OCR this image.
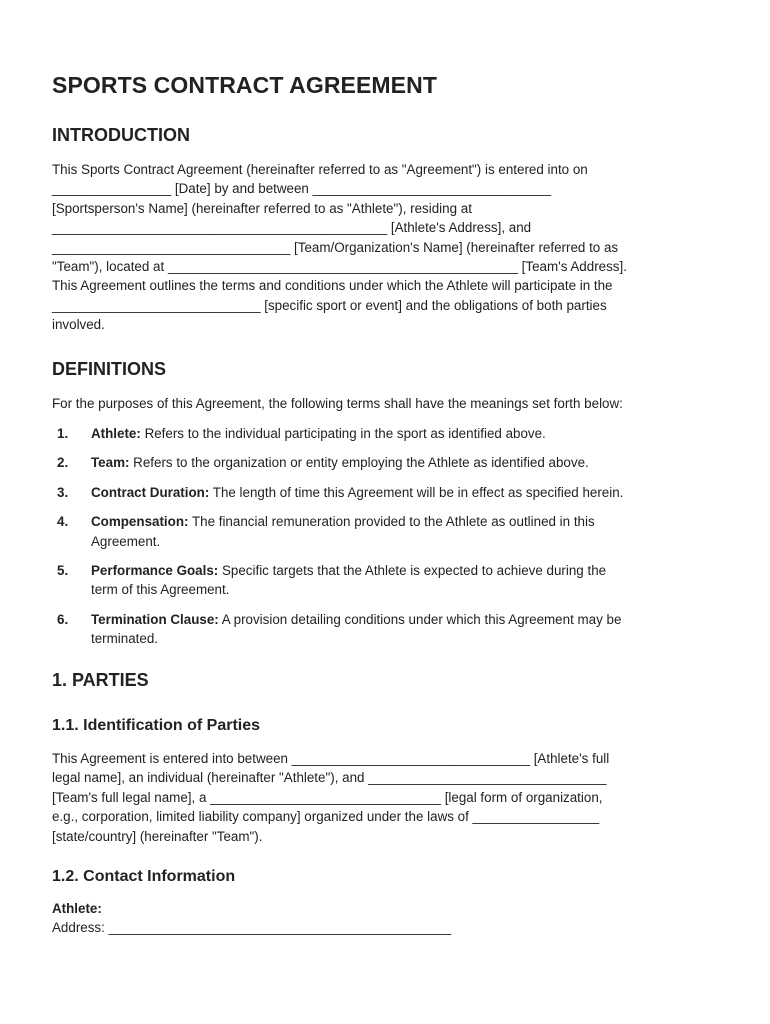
SPORTS CONTRACT AGREEMENT
INTRODUCTION
This Sports Contract Agreement (hereinafter referred to as "Agreement") is entered into on
________________ [Date] by and between ________________________________
[Sportsperson's Name] (hereinafter referred to as "Athlete"), residing at
_____________________________________________ [Athlete's Address], and
________________________________ [Team/Organization's Name] (hereinafter referred to as
"Team"), located at _______________________________________________ [Team's Address].
This Agreement outlines the terms and conditions under which the Athlete will participate in the
____________________________ [specific sport or event] and the obligations of both parties
involved.
DEFINITIONS
For the purposes of this Agreement, the following terms shall have the meanings set forth below:
1. Athlete: Refers to the individual participating in the sport as identified above.
2. Team: Refers to the organization or entity employing the Athlete as identified above.
3. Contract Duration: The length of time this Agreement will be in effect as specified herein.
4. Compensation: The financial remuneration provided to the Athlete as outlined in this
Agreement.
5. Performance Goals: Specific targets that the Athlete is expected to achieve during the
term of this Agreement.
6. Termination Clause: A provision detailing conditions under which this Agreement may be
terminated.
1. PARTIES
1.1. Identification of Parties
This Agreement is entered into between ________________________________ [Athlete's full
legal name], an individual (hereinafter "Athlete"), and ________________________________
[Team's full legal name], a _______________________________ [legal form of organization,
e.g., corporation, limited liability company] organized under the laws of _________________
[state/country] (hereinafter "Team").
1.2. Contact Information
Athlete:
Address: ______________________________________________
